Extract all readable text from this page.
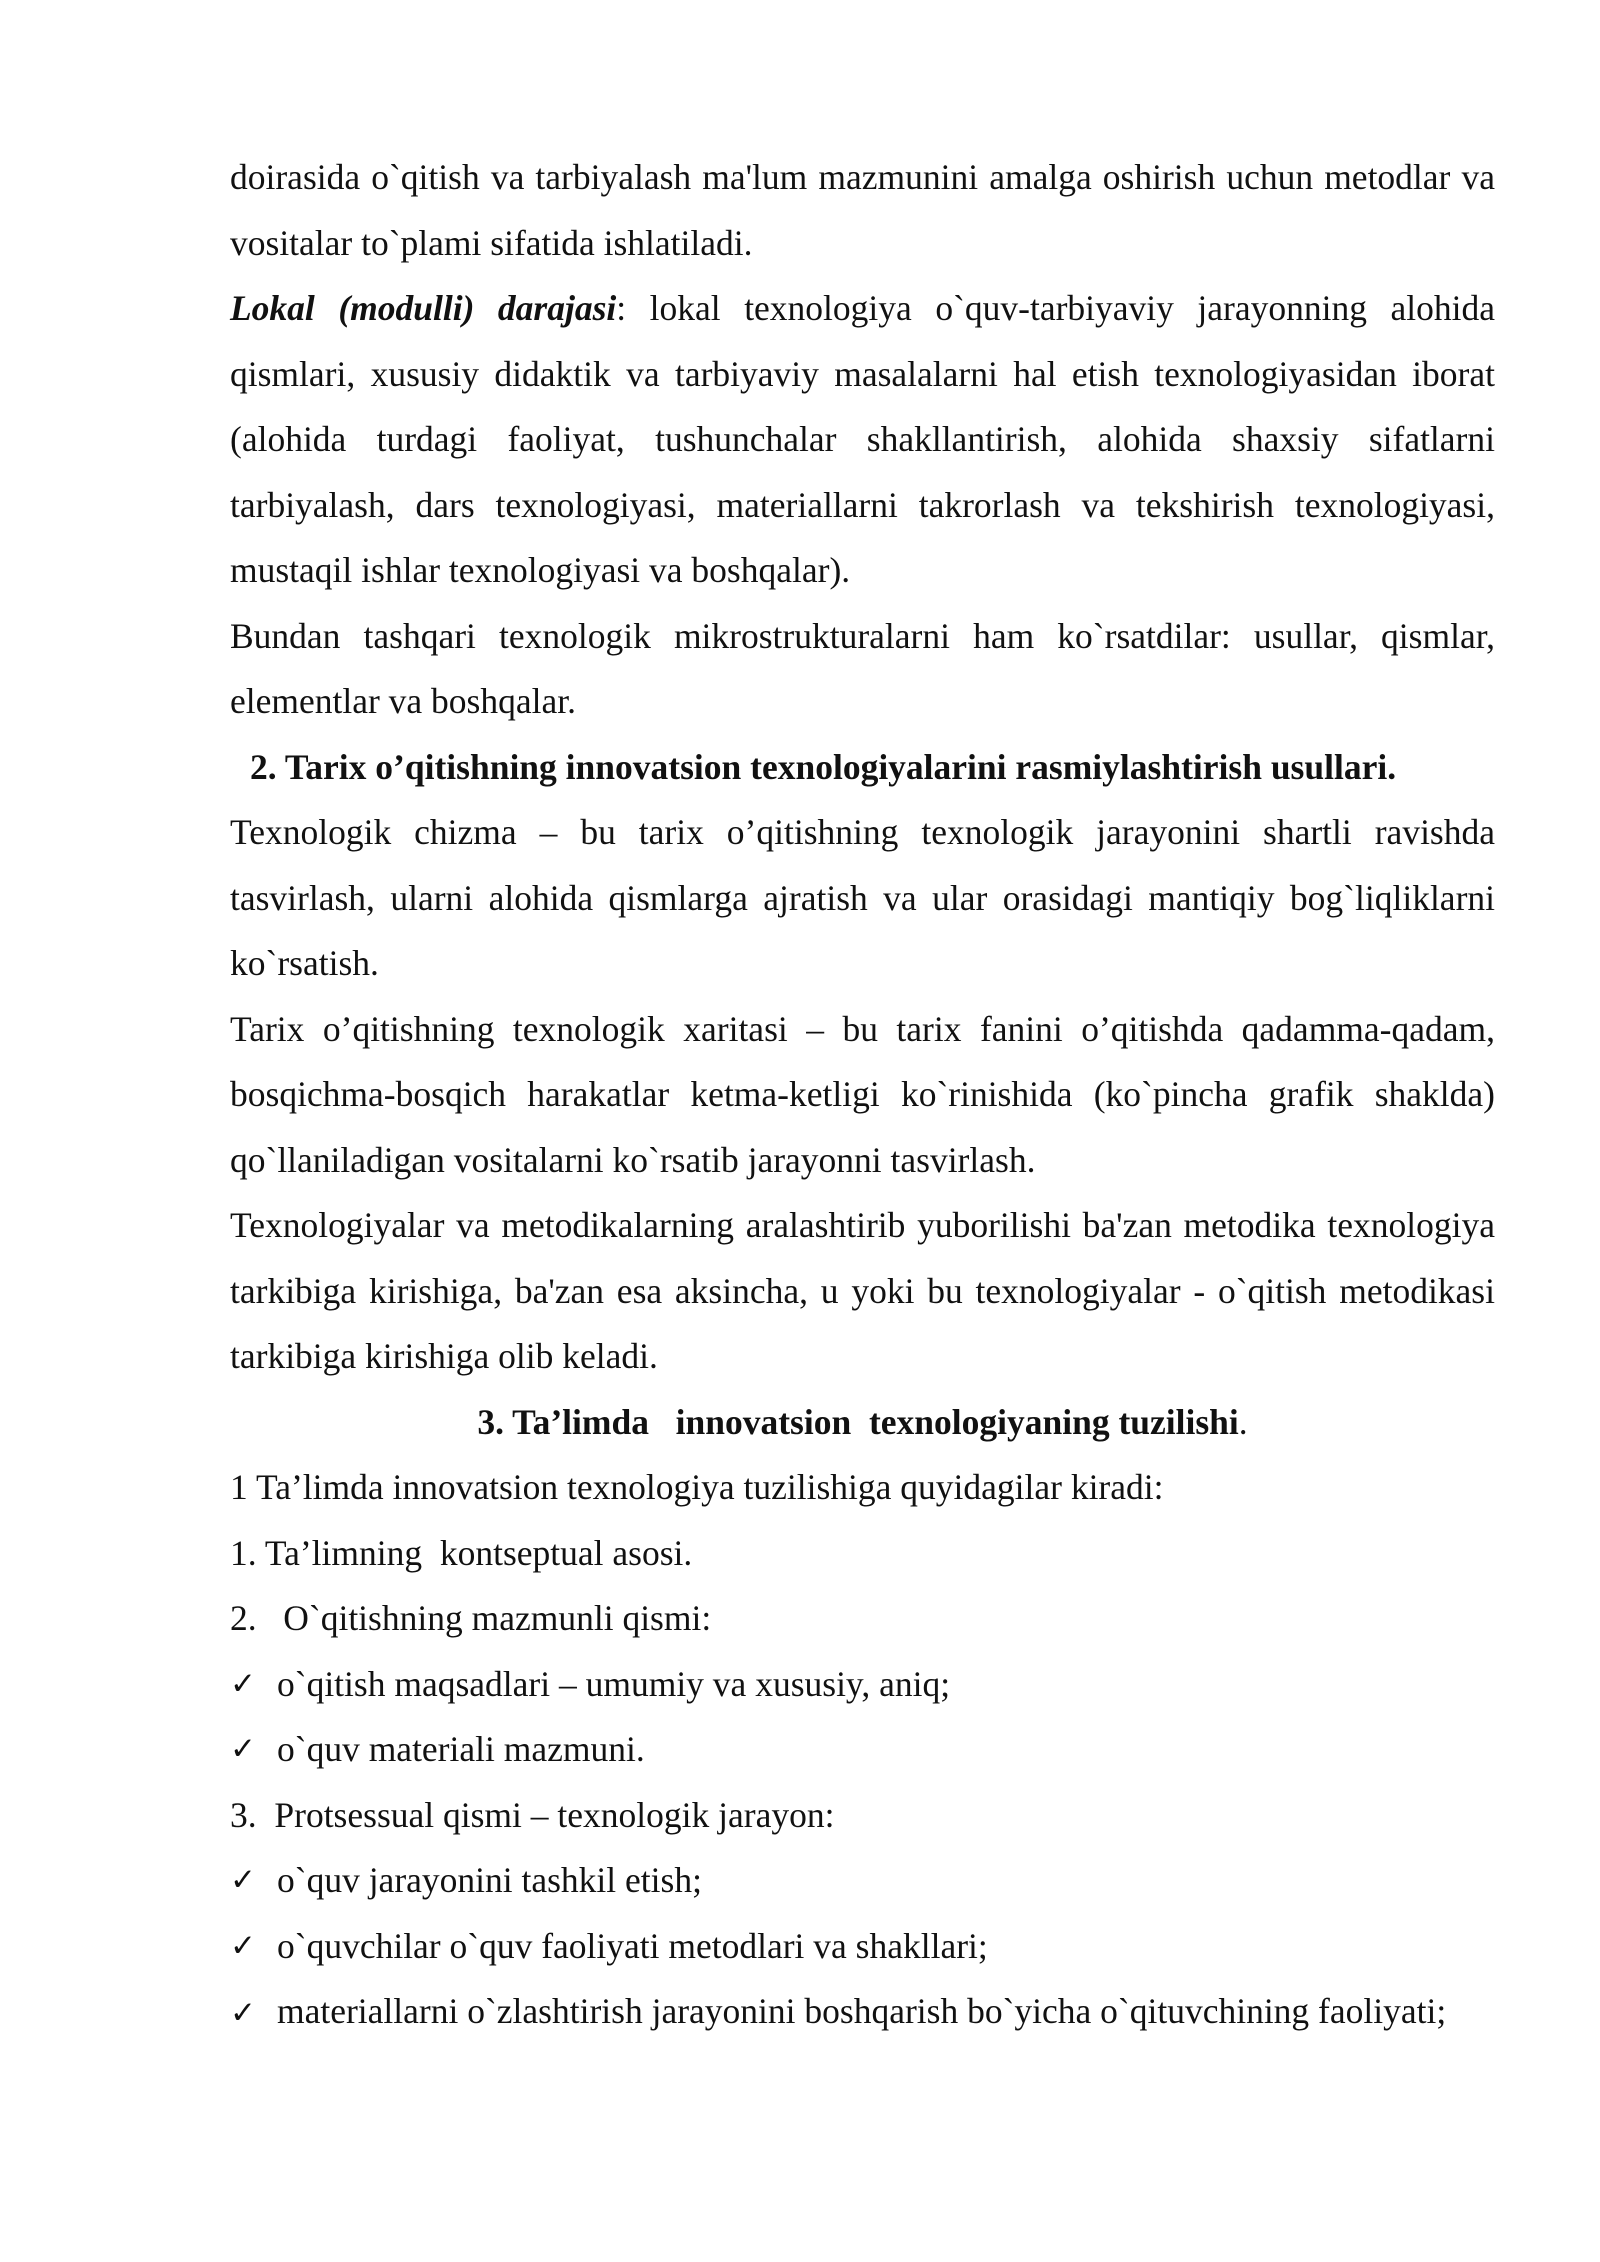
doirasida o`qitish va tarbiyalash ma'lum mazmunini amalga oshirish uchun metodlar va vositalar to`plami sifatida ishlatiladi.

Lokal (modulli) darajasi: lokal texnologiya o`quv-tarbiyaviy jarayonning alohida qismlari, xususiy didaktik va tarbiyaviy masalalarni hal etish texnologiyasidan iborat (alohida turdagi faoliyat, tushunchalar shakllantirish, alohida shaxsiy sifatlarni tarbiyalash, dars texnologiyasi, materiallarni takrorlash va tekshirish texnologiyasi, mustaqil ishlar texnologiyasi va boshqalar).

Bundan tashqari texnologik mikrostrukturalarni ham ko`rsatdilar: usullar, qismlar, elementlar va boshqalar.

2. Tarix o’qitishning innovatsion texnologiyalarini rasmiylashtirish usullari.

Texnologik chizma – bu tarix o’qitishning texnologik jarayonini shartli ravishda tasvirlash, ularni alohida qismlarga ajratish va ular orasidagi mantiqiy bog`liqliklarni ko`rsatish.

Tarix o’qitishning texnologik xaritasi – bu tarix fanini o’qitishda qadamma-qadam, bosqichma-bosqich harakatlar ketma-ketligi ko`rinishida (ko`pincha grafik shaklda) qo`llaniladigan vositalarni ko`rsatib jarayonni tasvirlash.

Texnologiyalar va metodikalarning aralashtirib yuborilishi ba'zan metodika texnologiya tarkibiga kirishiga, ba'zan esa aksincha, u yoki bu texnologiyalar - o`qitish metodikasi tarkibiga kirishiga olib keladi.

3. Ta’limda   innovatsion  texnologiyaning tuzilishi.

1 Ta’limda innovatsion texnologiya tuzilishiga quyidagilar kiradi:

1. Ta’limning  kontseptual asosi.

2.   O`qitishning mazmunli qismi:

✓ o`qitish maqsadlari – umumiy va xususiy, aniq;
✓ o`quv materiali mazmuni.

3.  Protsessual qismi – texnologik jarayon:

✓ o`quv jarayonini tashkil etish;
✓ o`quvchilar o`quv faoliyati metodlari va shakllari;
✓ materiallarni o`zlashtirish jarayonini boshqarish bo`yicha o`qituvchining faoliyati;
